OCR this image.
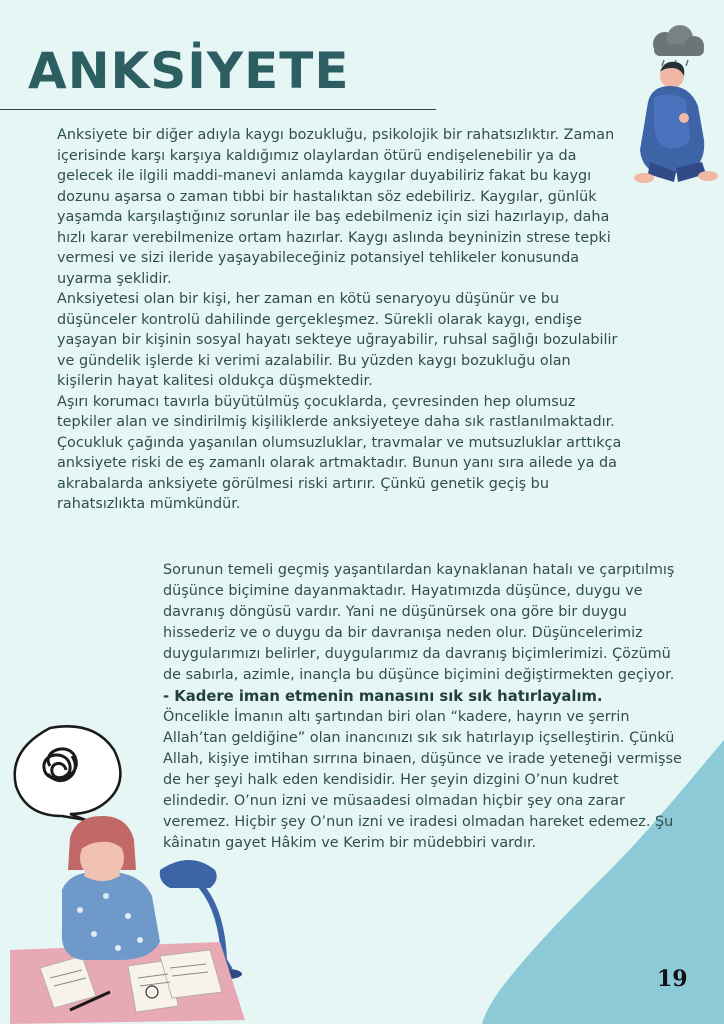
ANKSİYETE

Anksiyete bir diğer adıyla kaygı bozukluğu, psikolojik bir rahatsızlıktır. Zaman içerisinde karşı karşıya kaldığımız olaylardan ötürü endişelenebilir ya da gelecek ile ilgili maddi-manevi anlamda kaygılar duyabiliriz fakat bu kaygı dozunu aşarsa o zaman tıbbi bir hastalıktan söz edebiliriz. Kaygılar, günlük yaşamda karşılaştığınız sorunlar ile baş edebilmeniz için sizi hazırlayıp, daha hızlı karar verebilmenize ortam hazırlar. Kaygı aslında beyninizin strese tepki vermesi ve sizi ileride yaşayabileceğiniz potansiyel tehlikeler konusunda uyarma şeklidir.

Anksiyetesi olan bir kişi, her zaman en kötü senaryoyu düşünür ve bu düşünceler kontrolü dahilinde gerçekleşmez. Sürekli olarak kaygı, endişe yaşayan bir kişinin sosyal hayatı sekteye uğrayabilir, ruhsal sağlığı bozulabilir ve gündelik işlerde ki verimi azalabilir. Bu yüzden kaygı bozukluğu olan kişilerin hayat kalitesi oldukça düşmektedir.

Aşırı korumacı tavırla büyütülmüş çocuklarda, çevresinden hep olumsuz tepkiler alan ve sindirilmiş kişiliklerde anksiyeteye daha sık rastlanılmaktadır. Çocukluk çağında yaşanılan olumsuzluklar, travmalar ve mutsuzluklar arttıkça anksiyete riski de eş zamanlı olarak artmaktadır. Bunun yanı sıra ailede ya da akrabalarda anksiyete görülmesi riski artırır. Çünkü genetik geçiş bu rahatsızlıkta mümkündür.

Sorunun temeli geçmiş yaşantılardan kaynaklanan hatalı ve çarpıtılmış düşünce biçimine dayanmaktadır. Hayatımızda düşünce, duygu ve davranış döngüsü vardır. Yani ne düşünürsek ona göre bir duygu hissederiz ve o duygu da bir davranışa neden olur. Düşüncelerimiz duygularımızı belirler, duygularımız da davranış biçimlerimizi. Çözümü de sabırla, azimle, inançla bu düşünce biçimini değiştirmekten geçiyor.

- Kadere iman etmenin manasını sık sık hatırlayalım.

Öncelikle İmanın altı şartından biri olan “kadere, hayrın ve şerrin Allah’tan geldiğine” olan inancınızı sık sık hatırlayıp içselleştirin. Çünkü Allah, kişiye imtihan sırrına binaen, düşünce ve irade yeteneği vermişse de her şeyi halk eden kendisidir. Her şeyin dizgini O’nun kudret elindedir. O’nun izni ve müsaadesi olmadan hiçbir şey ona zarar veremez. Hiçbir şey O’nun izni ve iradesi olmadan hareket edemez. Şu kâinatın gayet Hâkim ve Kerim bir müdebbiri vardır.

19
